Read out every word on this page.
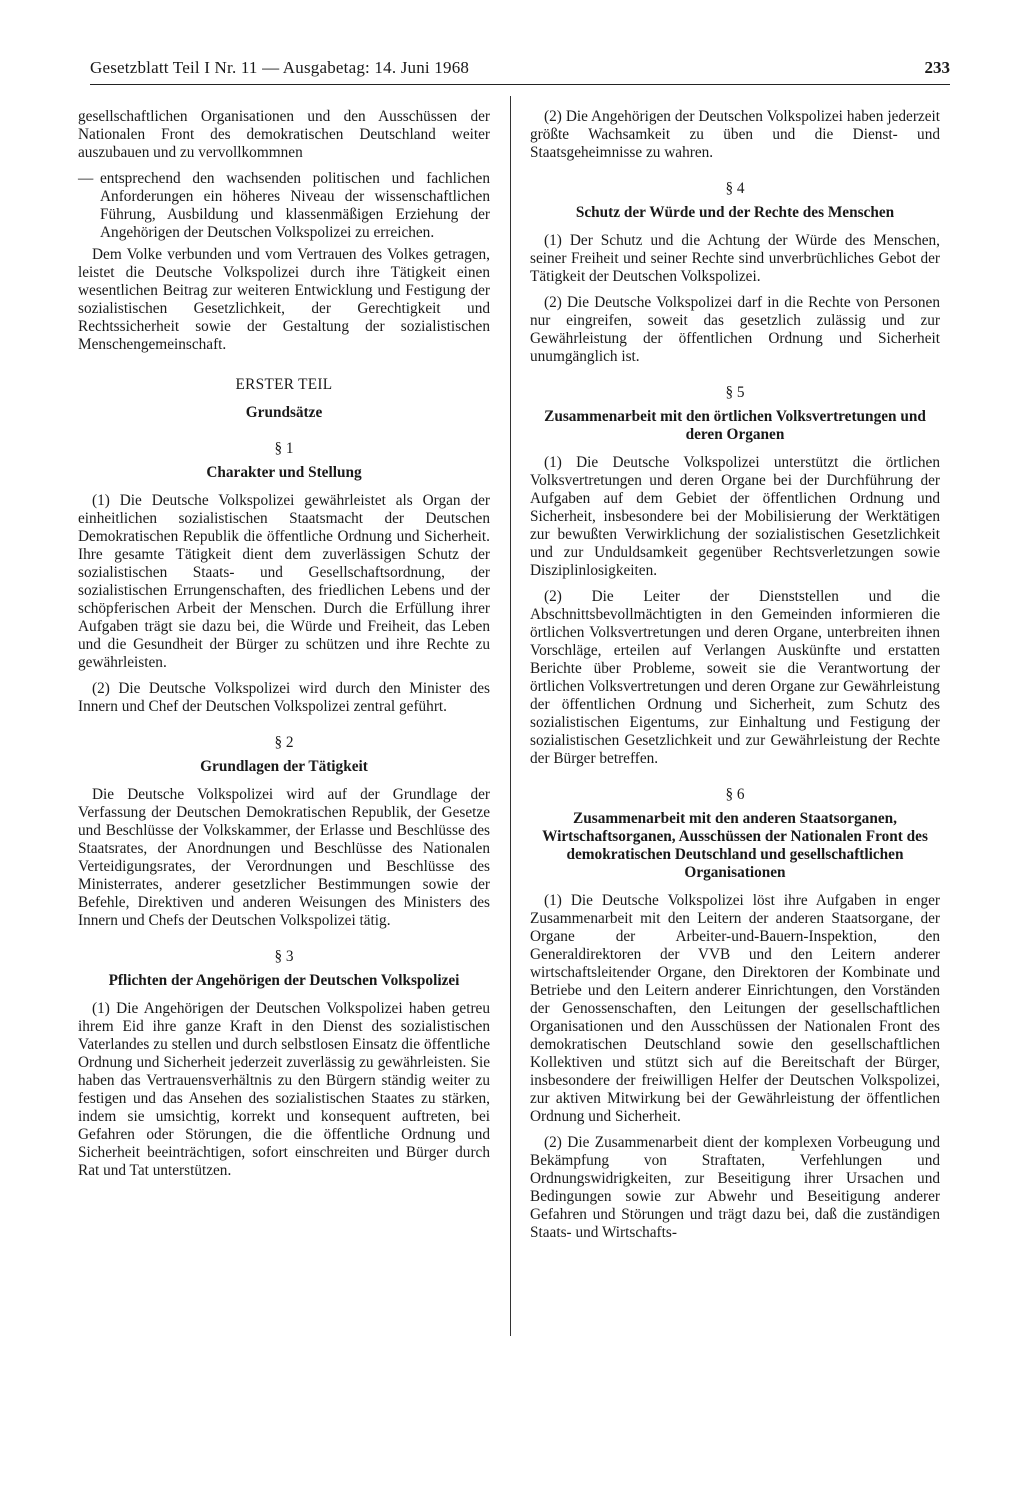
Gesetzblatt Teil I Nr. 11 — Ausgabetag: 14. Juni 1968	233

gesellschaftlichen Organisationen und den Ausschüssen der Nationalen Front des demokratischen Deutschland weiter auszubauen und zu vervollkommnen

— entsprechend den wachsenden politischen und fachlichen Anforderungen ein höheres Niveau der wissenschaftlichen Führung, Ausbildung und klassenmäßigen Erziehung der Angehörigen der Deutschen Volkspolizei zu erreichen.

Dem Volke verbunden und vom Vertrauen des Volkes getragen, leistet die Deutsche Volkspolizei durch ihre Tätigkeit einen wesentlichen Beitrag zur weiteren Entwicklung und Festigung der sozialistischen Gesetzlichkeit, der Gerechtigkeit und Rechtssicherheit sowie der Gestaltung der sozialistischen Menschengemeinschaft.

ERSTER TEIL

Grundsätze

§ 1

Charakter und Stellung

(1) Die Deutsche Volkspolizei gewährleistet als Organ der einheitlichen sozialistischen Staatsmacht der Deutschen Demokratischen Republik die öffentliche Ordnung und Sicherheit. Ihre gesamte Tätigkeit dient dem zuverlässigen Schutz der sozialistischen Staats- und Gesellschaftsordnung, der sozialistischen Errungenschaften, des friedlichen Lebens und der schöpferischen Arbeit der Menschen. Durch die Erfüllung ihrer Aufgaben trägt sie dazu bei, die Würde und Freiheit, das Leben und die Gesundheit der Bürger zu schützen und ihre Rechte zu gewährleisten.

(2) Die Deutsche Volkspolizei wird durch den Minister des Innern und Chef der Deutschen Volkspolizei zentral geführt.

§ 2

Grundlagen der Tätigkeit

Die Deutsche Volkspolizei wird auf der Grundlage der Verfassung der Deutschen Demokratischen Republik, der Gesetze und Beschlüsse der Volkskammer, der Erlasse und Beschlüsse des Staatsrates, der Anordnungen und Beschlüsse des Nationalen Verteidigungsrates, der Verordnungen und Beschlüsse des Ministerrates, anderer gesetzlicher Bestimmungen sowie der Befehle, Direktiven und anderen Weisungen des Ministers des Innern und Chefs der Deutschen Volkspolizei tätig.

§ 3

Pflichten der Angehörigen der Deutschen Volkspolizei

(1) Die Angehörigen der Deutschen Volkspolizei haben getreu ihrem Eid ihre ganze Kraft in den Dienst des sozialistischen Vaterlandes zu stellen und durch selbstlosen Einsatz die öffentliche Ordnung und Sicherheit jederzeit zuverlässig zu gewährleisten. Sie haben das Vertrauensverhältnis zu den Bürgern ständig weiter zu festigen und das Ansehen des sozialistischen Staates zu stärken, indem sie umsichtig, korrekt und konsequent auftreten, bei Gefahren oder Störungen, die die öffentliche Ordnung und Sicherheit beeinträchtigen, sofort einschreiten und Bürger durch Rat und Tat unterstützen.

(2) Die Angehörigen der Deutschen Volkspolizei haben jederzeit größte Wachsamkeit zu üben und die Dienst- und Staatsgeheimnisse zu wahren.

§ 4

Schutz der Würde und der Rechte des Menschen

(1) Der Schutz und die Achtung der Würde des Menschen, seiner Freiheit und seiner Rechte sind unverbrüchliches Gebot der Tätigkeit der Deutschen Volkspolizei.

(2) Die Deutsche Volkspolizei darf in die Rechte von Personen nur eingreifen, soweit das gesetzlich zulässig und zur Gewährleistung der öffentlichen Ordnung und Sicherheit unumgänglich ist.

§ 5

Zusammenarbeit mit den örtlichen Volksvertretungen und deren Organen

(1) Die Deutsche Volkspolizei unterstützt die örtlichen Volksvertretungen und deren Organe bei der Durchführung der Aufgaben auf dem Gebiet der öffentlichen Ordnung und Sicherheit, insbesondere bei der Mobilisierung der Werktätigen zur bewußten Verwirklichung der sozialistischen Gesetzlichkeit und zur Unduldsamkeit gegenüber Rechtsverletzungen sowie Disziplinlosigkeiten.

(2) Die Leiter der Dienststellen und die Abschnittsbevollmächtigten in den Gemeinden informieren die örtlichen Volksvertretungen und deren Organe, unterbreiten ihnen Vorschläge, erteilen auf Verlangen Auskünfte und erstatten Berichte über Probleme, soweit sie die Verantwortung der örtlichen Volksvertretungen und deren Organe zur Gewährleistung der öffentlichen Ordnung und Sicherheit, zum Schutz des sozialistischen Eigentums, zur Einhaltung und Festigung der sozialistischen Gesetzlichkeit und zur Gewährleistung der Rechte der Bürger betreffen.

§ 6

Zusammenarbeit mit den anderen Staatsorganen, Wirtschaftsorganen, Ausschüssen der Nationalen Front des demokratischen Deutschland und gesellschaftlichen Organisationen

(1) Die Deutsche Volkspolizei löst ihre Aufgaben in enger Zusammenarbeit mit den Leitern der anderen Staatsorgane, der Organe der Arbeiter-und-Bauern-Inspektion, den Generaldirektoren der VVB und den Leitern anderer wirtschaftsleitender Organe, den Direktoren der Kombinate und Betriebe und den Leitern anderer Einrichtungen, den Vorständen der Genossenschaften, den Leitungen der gesellschaftlichen Organisationen und den Ausschüssen der Nationalen Front des demokratischen Deutschland sowie den gesellschaftlichen Kollektiven und stützt sich auf die Bereitschaft der Bürger, insbesondere der freiwilligen Helfer der Deutschen Volkspolizei, zur aktiven Mitwirkung bei der Gewährleistung der öffentlichen Ordnung und Sicherheit.

(2) Die Zusammenarbeit dient der komplexen Vorbeugung und Bekämpfung von Straftaten, Verfehlungen und Ordnungswidrigkeiten, zur Beseitigung ihrer Ursachen und Bedingungen sowie zur Abwehr und Beseitigung anderer Gefahren und Störungen und trägt dazu bei, daß die zuständigen Staats- und Wirtschafts-
